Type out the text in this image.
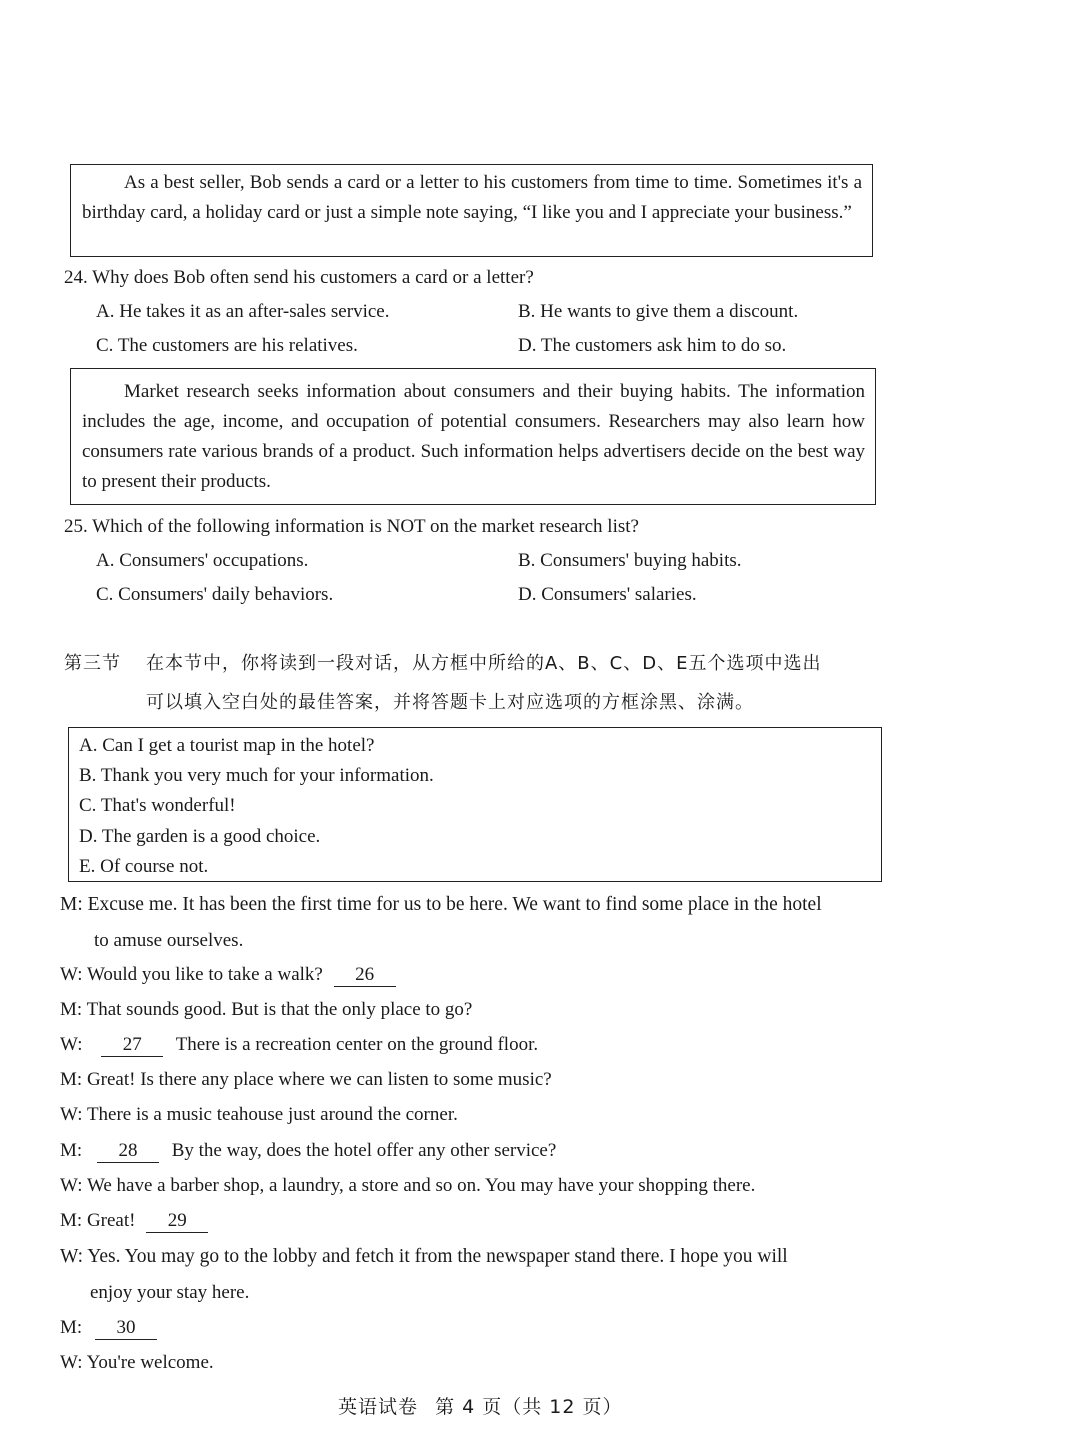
As a best seller, Bob sends a card or a letter to his customers from time to time. Sometimes it's a birthday card, a holiday card or just a simple note saying, “I like you and I appreciate your business.”
24. Why does Bob often send his customers a card or a letter?
A. He takes it as an after-sales service.	B. He wants to give them a discount.
C. The customers are his relatives.	D. The customers ask him to do so.
Market research seeks information about consumers and their buying habits. The information includes the age, income, and occupation of potential consumers. Researchers may also learn how consumers rate various brands of a product. Such information helps advertisers decide on the best way to present their products.
25. Which of the following information is NOT on the market research list?
A. Consumers' occupations.	B. Consumers' buying habits.
C. Consumers' daily behaviors.	D. Consumers' salaries.
第三节 在本节中，你将读到一段对话，从方框中所给的A、B、C、D、E五个选项中选出
可以填入空白处的最佳答案，并将答题卡上对应选项的方框涂黑、涂满。
A. Can I get a tourist map in the hotel?
B. Thank you very much for your information.
C. That's wonderful!
D. The garden is a good choice.
E. Of course not.
M: Excuse me. It has been the first time for us to be here. We want to find some place in the hotel
to amuse ourselves.
W: Would you like to take a walk? 26
M: That sounds good. But is that the only place to go?
W: 27 There is a recreation center on the ground floor.
M: Great! Is there any place where we can listen to some music?
W: There is a music teahouse just around the corner.
M: 28 By the way, does the hotel offer any other service?
W: We have a barber shop, a laundry, a store and so on. You may have your shopping there.
M: Great! 29
W: Yes. You may go to the lobby and fetch it from the newspaper stand there. I hope you will
enjoy your stay here.
M: 30
W: You're welcome.
英语试卷 第 4 页（共 12 页）
